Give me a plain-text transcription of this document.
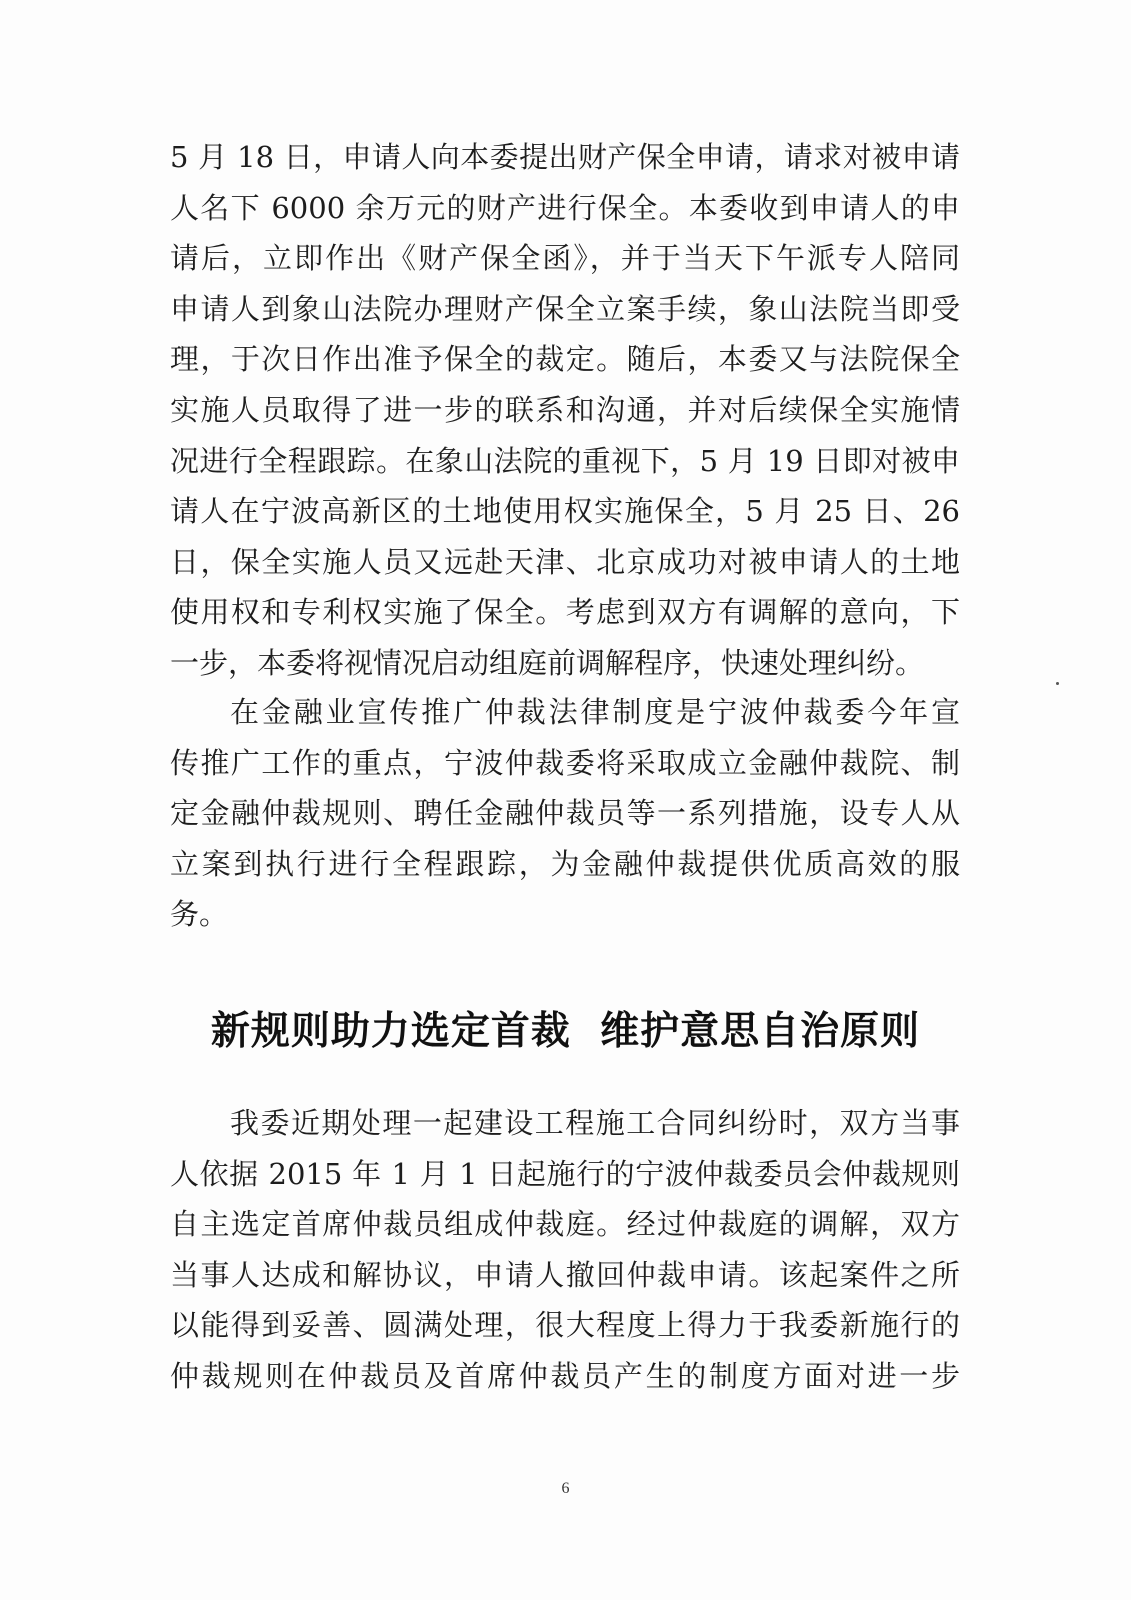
5 月 18 日，申请人向本委提出财产保全申请，请求对被申请
人名下 6000 余万元的财产进行保全。本委收到申请人的申
请后，立即作出《财产保全函》，并于当天下午派专人陪同
申请人到象山法院办理财产保全立案手续，象山法院当即受
理，于次日作出准予保全的裁定。随后，本委又与法院保全
实施人员取得了进一步的联系和沟通，并对后续保全实施情
况进行全程跟踪。在象山法院的重视下，5 月 19 日即对被申
请人在宁波高新区的土地使用权实施保全，5 月 25 日、26
日，保全实施人员又远赴天津、北京成功对被申请人的土地
使用权和专利权实施了保全。考虑到双方有调解的意向，下
一步，本委将视情况启动组庭前调解程序，快速处理纠纷。
在金融业宣传推广仲裁法律制度是宁波仲裁委今年宣
传推广工作的重点，宁波仲裁委将采取成立金融仲裁院、制
定金融仲裁规则、聘任金融仲裁员等一系列措施，设专人从
立案到执行进行全程跟踪，为金融仲裁提供优质高效的服
务。
新规则助力选定首裁  维护意思自治原则
我委近期处理一起建设工程施工合同纠纷时，双方当事
人依据 2015 年 1 月 1 日起施行的宁波仲裁委员会仲裁规则
自主选定首席仲裁员组成仲裁庭。经过仲裁庭的调解，双方
当事人达成和解协议，申请人撤回仲裁申请。该起案件之所
以能得到妥善、圆满处理，很大程度上得力于我委新施行的
仲裁规则在仲裁员及首席仲裁员产生的制度方面对进一步
6
